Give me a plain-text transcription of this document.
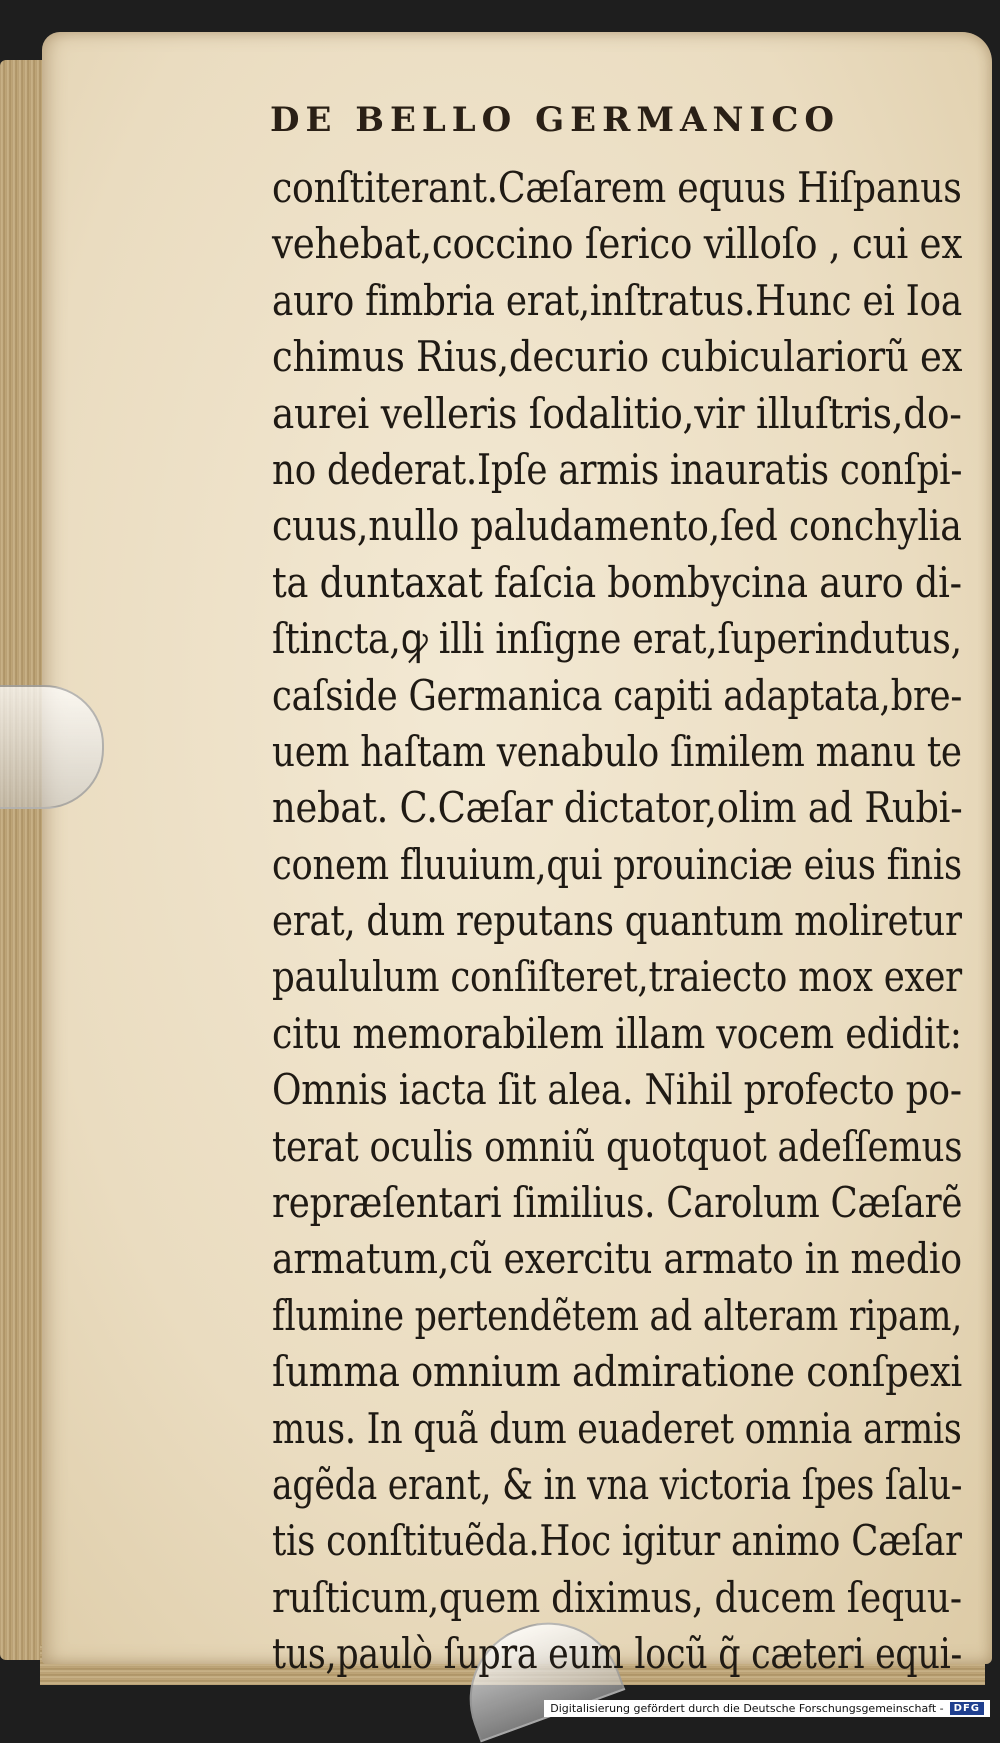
DE BELLO GERMANICO
conſtiterant.Cæſarem equus Hiſpanus
vehebat,coccino ſerico villoſo , cui ex
auro fimbria erat,inſtratus.Hunc ei Ioa
chimus Rius,decurio cubiculariorũ ex
aurei velleris ſodalitio,vir illuſtris,do-
no dederat.Ipſe armis inauratis conſpi-
cuus,nullo paludamento,ſed conchylia
ta duntaxat faſcia bombycina auro di-
ſtincta,ꝙ illi inſigne erat,ſuperindutus,
caſside Germanica capiti adaptata,bre-
uem haſtam venabulo ſimilem manu te
nebat. C.Cæſar dictator,olim ad Rubi-
conem fluuium,qui prouinciæ eius finis
erat, dum reputans quantum moliretur
paululum conſiſteret,traiecto mox exer
citu memorabilem illam vocem edidit:
Omnis iacta ſit alea. Nihil profecto po-
terat oculis omniũ quotquot adeſſemus
repræſentari ſimilius. Carolum Cæſarẽ
armatum,cũ exercitu armato in medio
flumine pertendẽtem ad alteram ripam,
ſumma omnium admiratione conſpexi
mus. In quã dum euaderet omnia armis
agẽda erant, & in vna victoria ſpes ſalu-
tis conſtituẽda.Hoc igitur animo Cæſar
ruſticum,quem diximus, ducem ſequu-
tus,paulò ſupra eum locũ q̃ cæteri equi-
Digitalisierung gefördert durch die Deutsche Forschungsgemeinschaft -	DFG
